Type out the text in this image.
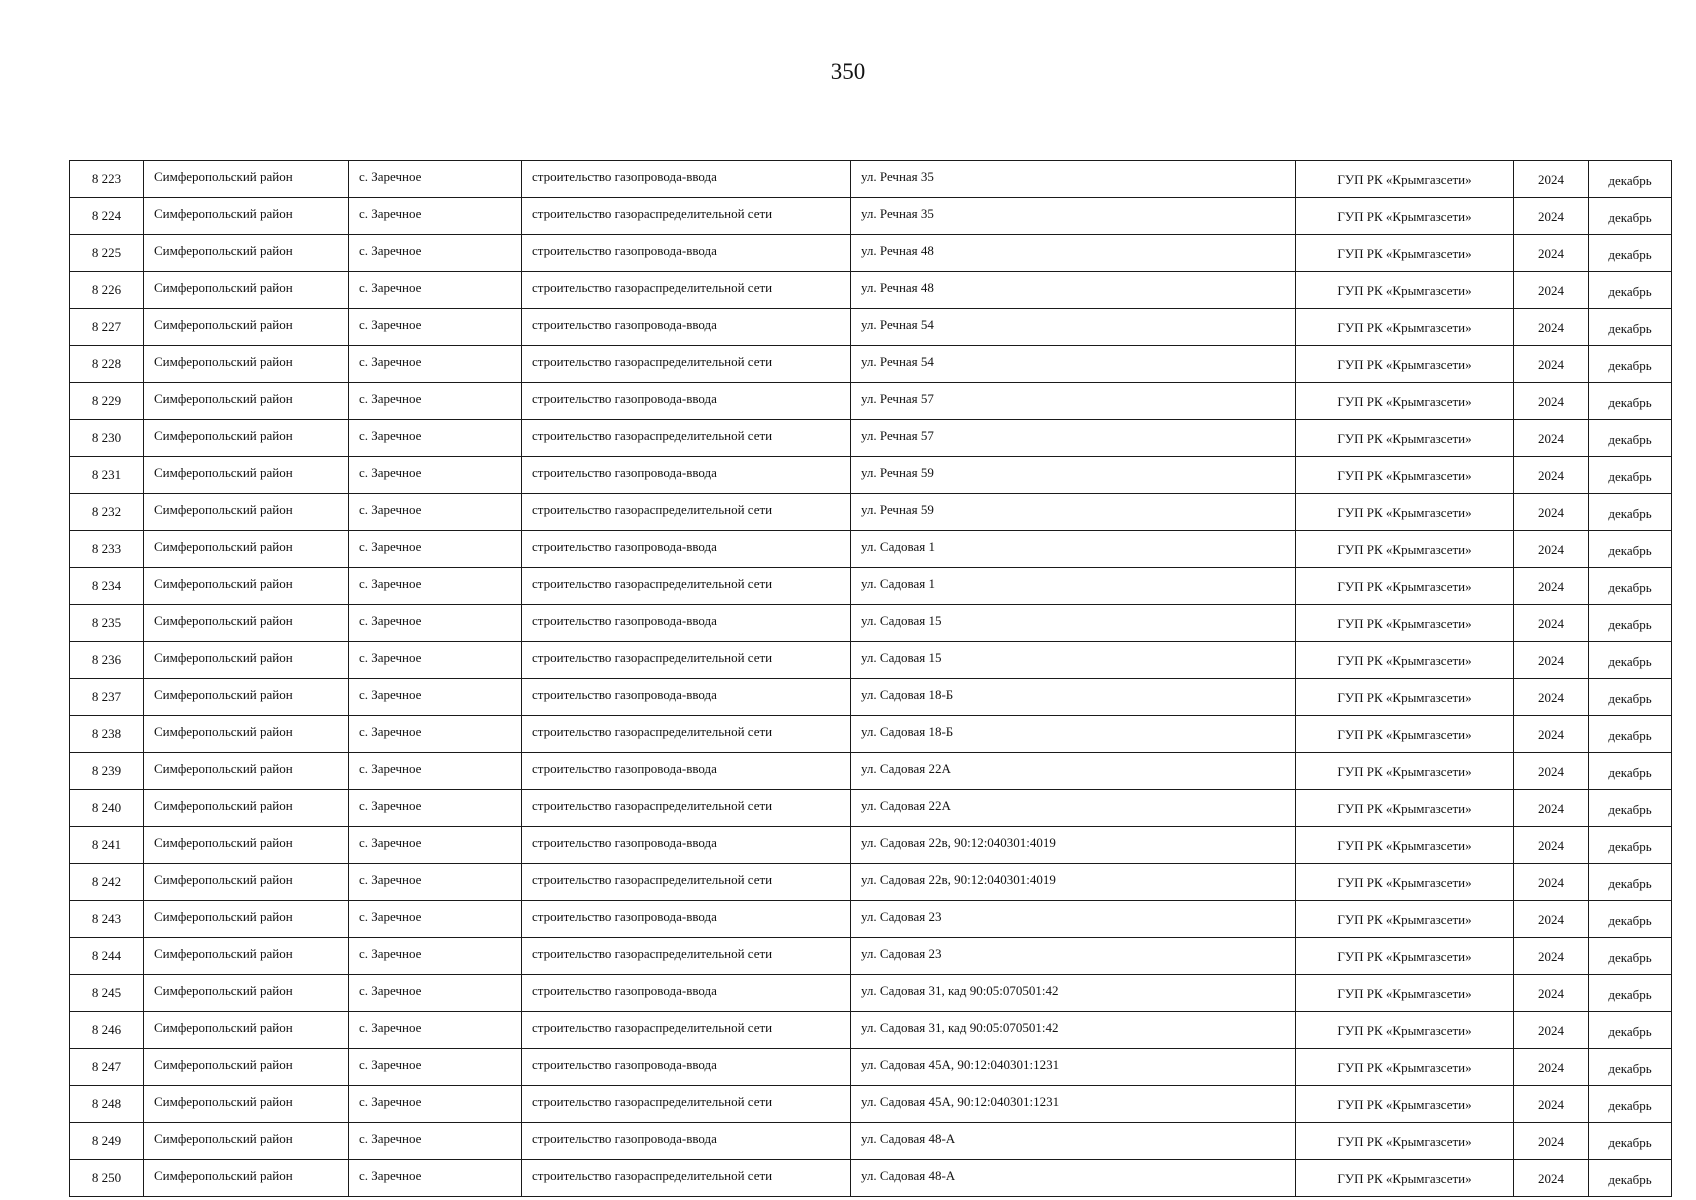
350
8 223	Симферопольский район	с. Заречное	строительство газопровода-ввода	ул. Речная 35	ГУП РК «Крымгазсети»	2024	декабрь
8 224	Симферопольский район	с. Заречное	строительство газораспределительной сети	ул. Речная 35	ГУП РК «Крымгазсети»	2024	декабрь
8 225	Симферопольский район	с. Заречное	строительство газопровода-ввода	ул. Речная 48	ГУП РК «Крымгазсети»	2024	декабрь
8 226	Симферопольский район	с. Заречное	строительство газораспределительной сети	ул. Речная 48	ГУП РК «Крымгазсети»	2024	декабрь
8 227	Симферопольский район	с. Заречное	строительство газопровода-ввода	ул. Речная 54	ГУП РК «Крымгазсети»	2024	декабрь
8 228	Симферопольский район	с. Заречное	строительство газораспределительной сети	ул. Речная 54	ГУП РК «Крымгазсети»	2024	декабрь
8 229	Симферопольский район	с. Заречное	строительство газопровода-ввода	ул. Речная 57	ГУП РК «Крымгазсети»	2024	декабрь
8 230	Симферопольский район	с. Заречное	строительство газораспределительной сети	ул. Речная 57	ГУП РК «Крымгазсети»	2024	декабрь
8 231	Симферопольский район	с. Заречное	строительство газопровода-ввода	ул. Речная 59	ГУП РК «Крымгазсети»	2024	декабрь
8 232	Симферопольский район	с. Заречное	строительство газораспределительной сети	ул. Речная 59	ГУП РК «Крымгазсети»	2024	декабрь
8 233	Симферопольский район	с. Заречное	строительство газопровода-ввода	ул. Садовая 1	ГУП РК «Крымгазсети»	2024	декабрь
8 234	Симферопольский район	с. Заречное	строительство газораспределительной сети	ул. Садовая 1	ГУП РК «Крымгазсети»	2024	декабрь
8 235	Симферопольский район	с. Заречное	строительство газопровода-ввода	ул. Садовая 15	ГУП РК «Крымгазсети»	2024	декабрь
8 236	Симферопольский район	с. Заречное	строительство газораспределительной сети	ул. Садовая 15	ГУП РК «Крымгазсети»	2024	декабрь
8 237	Симферопольский район	с. Заречное	строительство газопровода-ввода	ул. Садовая 18-Б	ГУП РК «Крымгазсети»	2024	декабрь
8 238	Симферопольский район	с. Заречное	строительство газораспределительной сети	ул. Садовая 18-Б	ГУП РК «Крымгазсети»	2024	декабрь
8 239	Симферопольский район	с. Заречное	строительство газопровода-ввода	ул. Садовая 22А	ГУП РК «Крымгазсети»	2024	декабрь
8 240	Симферопольский район	с. Заречное	строительство газораспределительной сети	ул. Садовая 22А	ГУП РК «Крымгазсети»	2024	декабрь
8 241	Симферопольский район	с. Заречное	строительство газопровода-ввода	ул. Садовая 22в, 90:12:040301:4019	ГУП РК «Крымгазсети»	2024	декабрь
8 242	Симферопольский район	с. Заречное	строительство газораспределительной сети	ул. Садовая 22в, 90:12:040301:4019	ГУП РК «Крымгазсети»	2024	декабрь
8 243	Симферопольский район	с. Заречное	строительство газопровода-ввода	ул. Садовая 23	ГУП РК «Крымгазсети»	2024	декабрь
8 244	Симферопольский район	с. Заречное	строительство газораспределительной сети	ул. Садовая 23	ГУП РК «Крымгазсети»	2024	декабрь
8 245	Симферопольский район	с. Заречное	строительство газопровода-ввода	ул. Садовая 31, кад 90:05:070501:42	ГУП РК «Крымгазсети»	2024	декабрь
8 246	Симферопольский район	с. Заречное	строительство газораспределительной сети	ул. Садовая 31, кад 90:05:070501:42	ГУП РК «Крымгазсети»	2024	декабрь
8 247	Симферопольский район	с. Заречное	строительство газопровода-ввода	ул. Садовая 45А, 90:12:040301:1231	ГУП РК «Крымгазсети»	2024	декабрь
8 248	Симферопольский район	с. Заречное	строительство газораспределительной сети	ул. Садовая 45А, 90:12:040301:1231	ГУП РК «Крымгазсети»	2024	декабрь
8 249	Симферопольский район	с. Заречное	строительство газопровода-ввода	ул. Садовая 48-А	ГУП РК «Крымгазсети»	2024	декабрь
8 250	Симферопольский район	с. Заречное	строительство газораспределительной сети	ул. Садовая 48-А	ГУП РК «Крымгазсети»	2024	декабрь
